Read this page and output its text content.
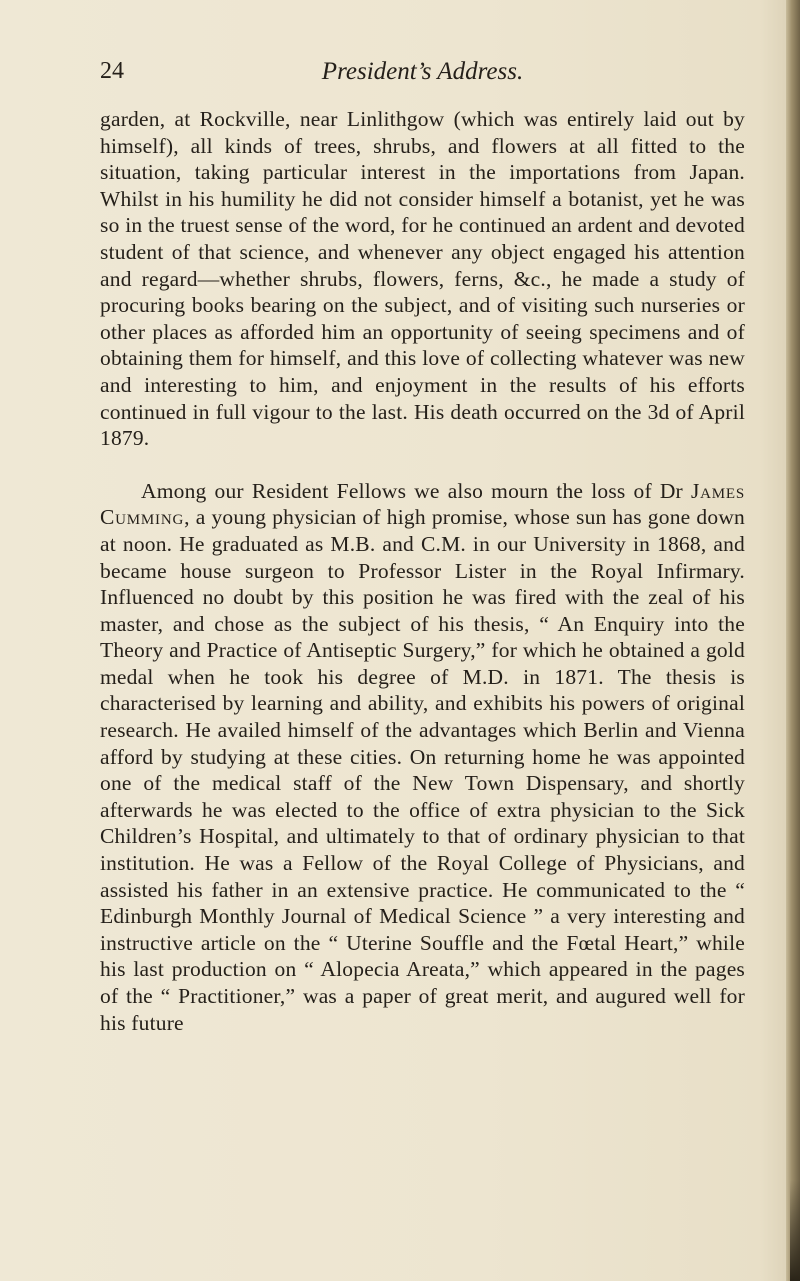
24	President’s Address.

garden, at Rockville, near Linlithgow (which was entirely laid out by himself), all kinds of trees, shrubs, and flowers at all fitted to the situation, taking particular interest in the importations from Japan. Whilst in his humility he did not consider himself a botanist, yet he was so in the truest sense of the word, for he continued an ardent and devoted student of that science, and whenever any object engaged his attention and regard—whether shrubs, flowers, ferns, &c., he made a study of procuring books bearing on the subject, and of visiting such nurseries or other places as afforded him an opportunity of seeing specimens and of obtaining them for himself, and this love of collecting whatever was new and interesting to him, and enjoyment in the results of his efforts continued in full vigour to the last. His death occurred on the 3d of April 1879.

Among our Resident Fellows we also mourn the loss of Dr James Cumming, a young physician of high promise, whose sun has gone down at noon. He graduated as M.B. and C.M. in our University in 1868, and became house surgeon to Professor Lister in the Royal Infirmary. Influenced no doubt by this position he was fired with the zeal of his master, and chose as the subject of his thesis, “ An Enquiry into the Theory and Practice of Antiseptic Surgery,” for which he obtained a gold medal when he took his degree of M.D. in 1871. The thesis is characterised by learning and ability, and exhibits his powers of original research. He availed himself of the advantages which Berlin and Vienna afford by studying at these cities. On returning home he was appointed one of the medical staff of the New Town Dispensary, and shortly afterwards he was elected to the office of extra physician to the Sick Children’s Hospital, and ultimately to that of ordinary physician to that institution. He was a Fellow of the Royal College of Physicians, and assisted his father in an extensive practice. He communicated to the “ Edinburgh Monthly Journal of Medical Science ” a very interesting and instructive article on the “ Uterine Souffle and the Fœtal Heart,” while his last production on “ Alopecia Areata,” which appeared in the pages of the “ Practitioner,” was a paper of great merit, and augured well for his future
